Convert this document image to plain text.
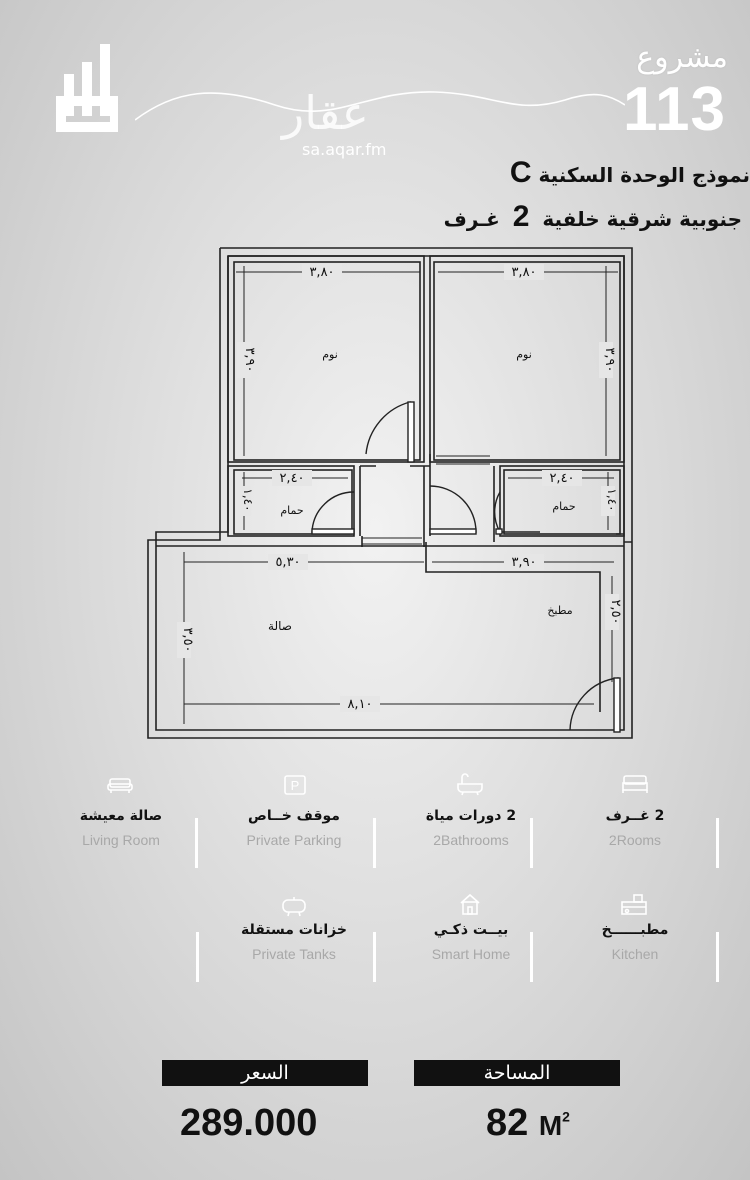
عقار
sa.aqar.fm
مشروع
113
نموذج الوحدة السكنية C
جنوبية شرقية خلفية 2 غـرف
٣,٨٠	٣,٨٠
٣,٩٠	٣,٩٠
نوم	نوم
٢,٤٠	٢,٤٠
١,٤٠	١,٤٠
حمام	حمام
٥,٣٠	٣,٩٠
٣,٥٠
٢,٥٠
صالة
مطبخ
٨,١٠
P
صالة معيشة
Living Room
موقف خــاص
Private Parking
2 دورات مياة
2Bathrooms
2 غــرف
2Rooms
خزانات مستقلة
Private Tanks
بيــت ذكـي
Smart Home
مطبــــــخ
Kitchen
السعر	المساحة
289.000	82 $M^2$
